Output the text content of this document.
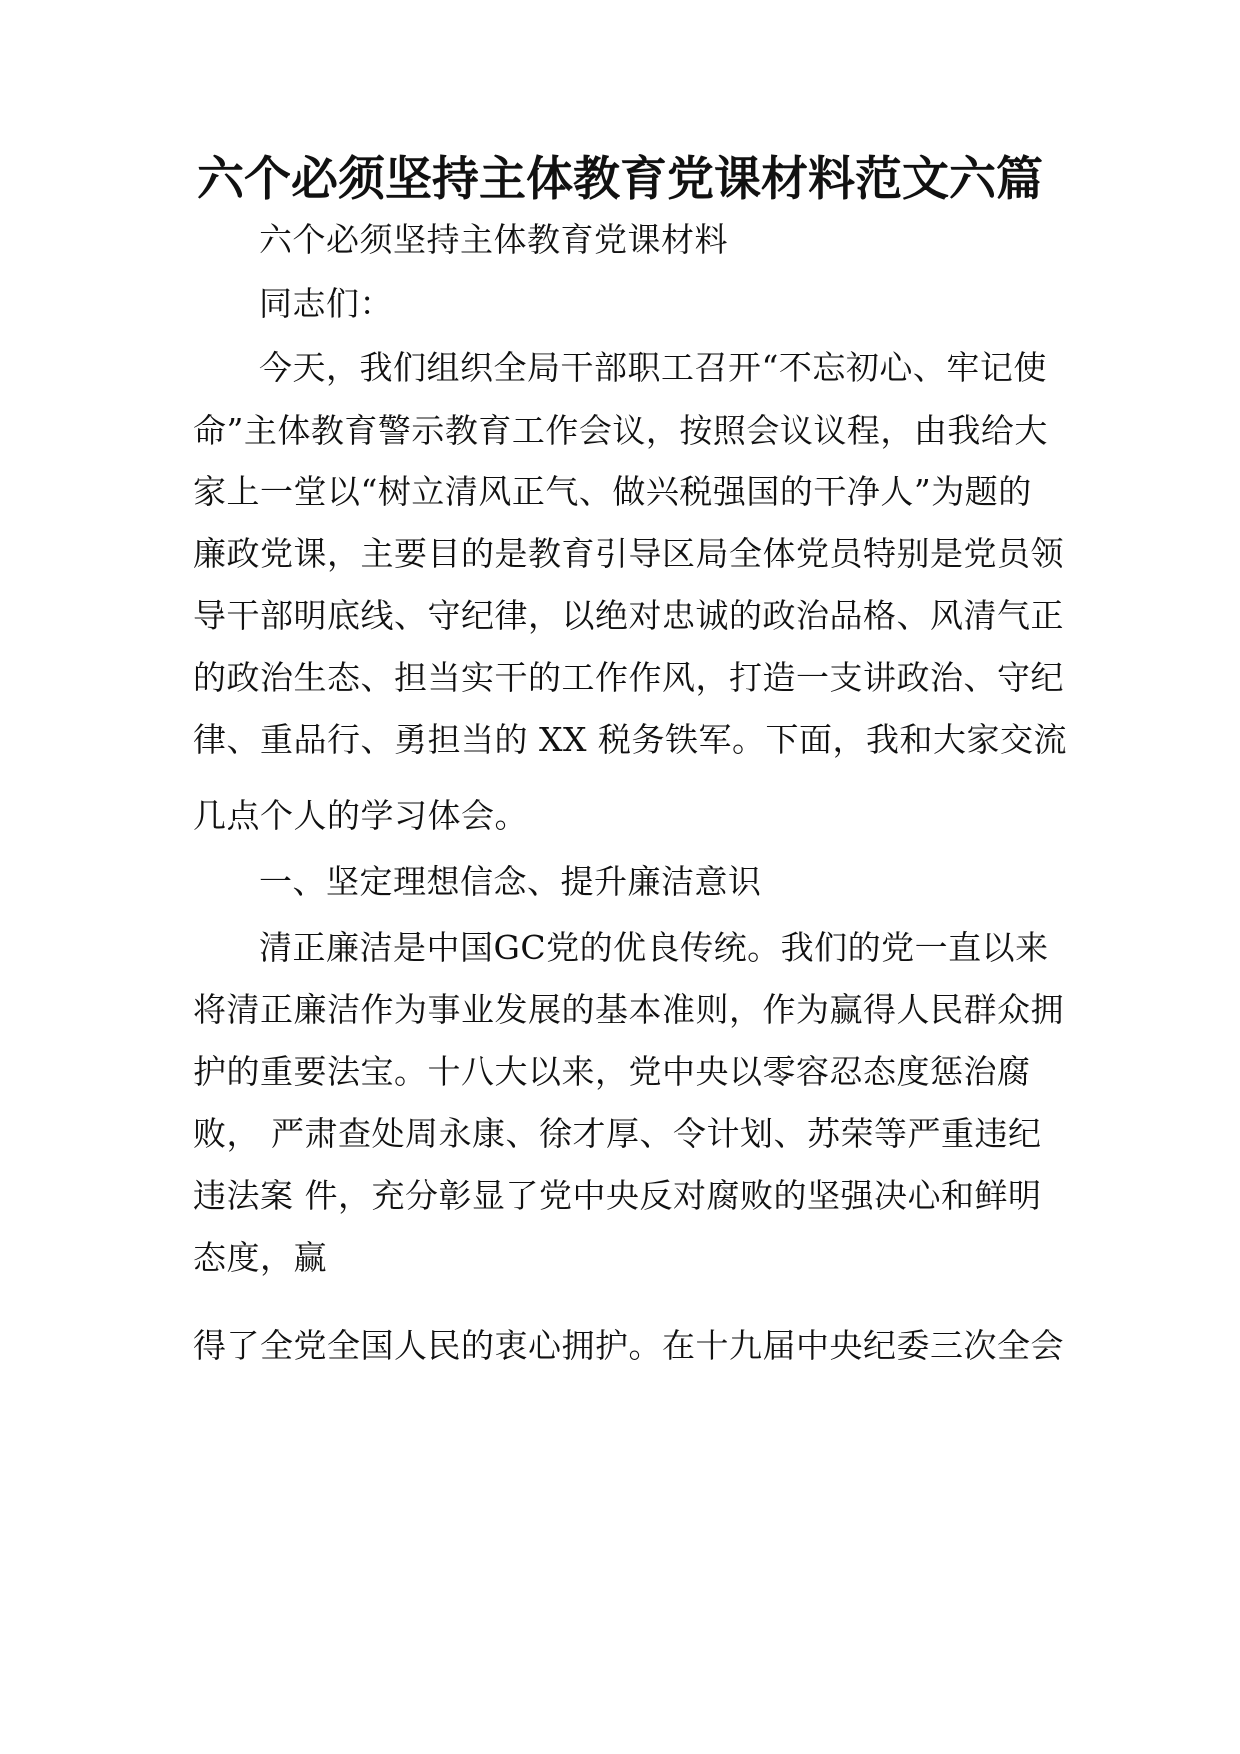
六个必须坚持主体教育党课材料范文六篇
六个必须坚持主体教育党课材料
同志们：
今天，我们组织全局干部职工召开“不忘初心、牢记使
命”主体教育警示教育工作会议，按照会议议程，由我给大
家上一堂以“树立清风正气、做兴税强国的干净人”为题的
廉政党课，主要目的是教育引导区局全体党员特别是党员领
导干部明底线、守纪律，以绝对忠诚的政治品格、风清气正
的政治生态、担当实干的工作作风，打造一支讲政治、守纪
律、重品行、勇担当的 XX 税务铁军。下面，我和大家交流
几点个人的学习体会。
一、坚定理想信念、提升廉洁意识
清正廉洁是中国GC党的优良传统。我们的党一直以来
将清正廉洁作为事业发展的基本准则，作为赢得人民群众拥
护的重要法宝。十八大以来，党中央以零容忍态度惩治腐
败， 严肃查处周永康、徐才厚、令计划、苏荣等严重违纪
违法案 件，充分彰显了党中央反对腐败的坚强决心和鲜明
态度，赢
得了全党全国人民的衷心拥护。在十九届中央纪委三次全会
